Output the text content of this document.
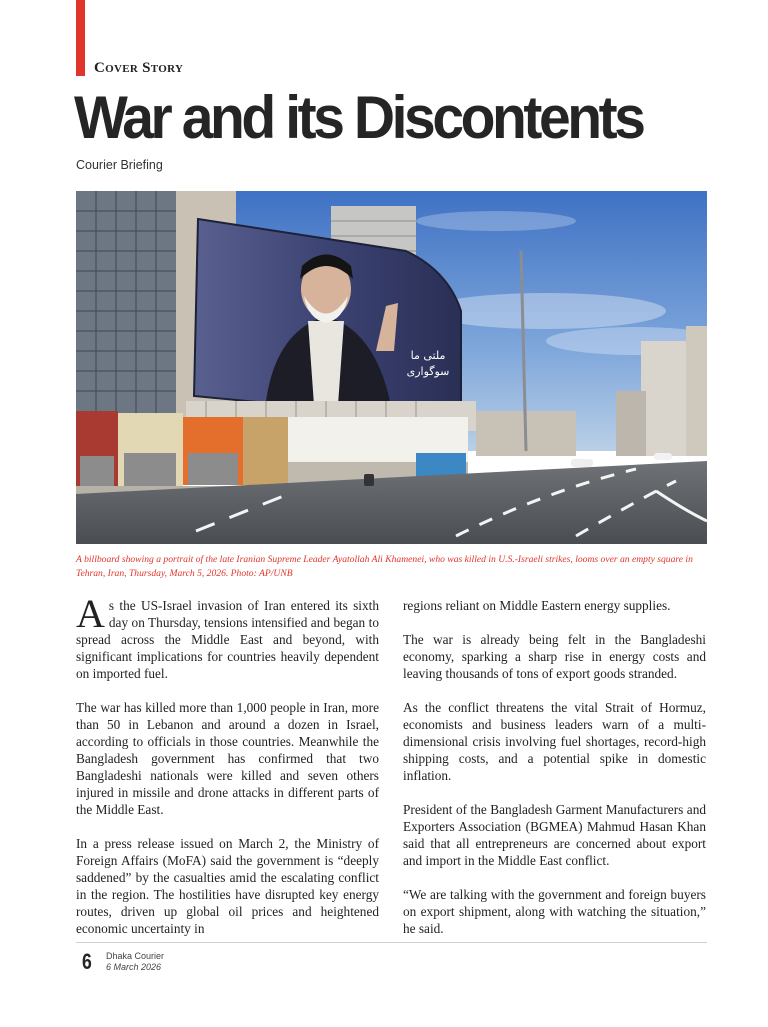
Cover Story
War and its Discontents
Courier Briefing
ملتی ما
سوگواری

A billboard showing a portrait of the late Iranian Supreme Leader Ayatollah Ali Khamenei, who was killed in U.S.-Israeli strikes, looms over an empty square in Tehran, Iran, Thursday, March 5, 2026. Photo: AP/UNB

As the US-Israel invasion of Iran entered its sixth day on Thursday, tensions intensified and began to spread across the Middle East and beyond, with significant implications for countries heavily dependent on imported fuel.

The war has killed more than 1,000 people in Iran, more than 50 in Lebanon and around a dozen in Israel, according to officials in those countries. Meanwhile the Bangladesh government has confirmed that two Bangladeshi nationals were killed and seven others injured in missile and drone attacks in different parts of the Middle East.

In a press release issued on March 2, the Ministry of Foreign Affairs (MoFA) said the government is “deeply saddened” by the casualties amid the escalating conflict in the region. The hostilities have disrupted key energy routes, driven up global oil prices and heightened economic uncertainty in

regions reliant on Middle Eastern energy supplies.

The war is already being felt in the Bangladeshi economy, sparking a sharp rise in energy costs and leaving thousands of tons of export goods stranded.

As the conflict threatens the vital Strait of Hormuz, economists and business leaders warn of a multi-dimensional crisis involving fuel shortages, record-high shipping costs, and a potential spike in domestic inflation.

President of the Bangladesh Garment Manufacturers and Exporters Association (BGMEA) Mahmud Hasan Khan said that all entrepreneurs are concerned about export and import in the Middle East conflict.

“We are talking with the government and foreign buyers on export shipment, along with watching the situation,” he said.

6 Dhaka Courier
6 March 2026
